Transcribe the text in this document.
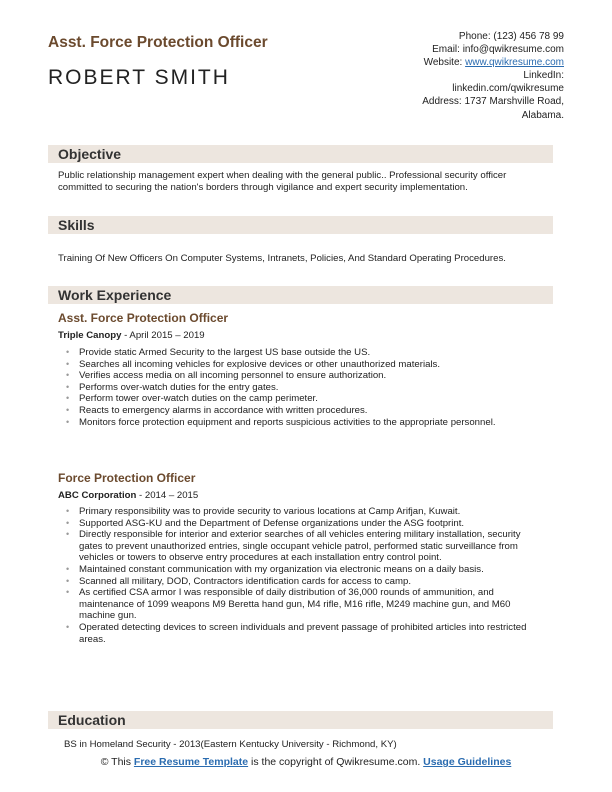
Asst. Force Protection Officer
ROBERT SMITH
Phone: (123) 456 78 99
Email: info@qwikresume.com
Website: www.qwikresume.com
LinkedIn:
linkedin.com/qwikresume
Address: 1737 Marshville Road,
Alabama.
Objective
Public relationship management expert when dealing with the general public.. Professional security officer committed to securing the nation's borders through vigilance and expert security implementation.
Skills
Training Of New Officers On Computer Systems, Intranets, Policies, And Standard Operating Procedures.
Work Experience
Asst. Force Protection Officer
Triple Canopy - April 2015 – 2019
• Provide static Armed Security to the largest US base outside the US.
• Searches all incoming vehicles for explosive devices or other unauthorized materials.
• Verifies access media on all incoming personnel to ensure authorization.
• Performs over-watch duties for the entry gates.
• Perform tower over-watch duties on the camp perimeter.
• Reacts to emergency alarms in accordance with written procedures.
• Monitors force protection equipment and reports suspicious activities to the appropriate personnel.
Force Protection Officer
ABC Corporation - 2014 – 2015
• Primary responsibility was to provide security to various locations at Camp Arifjan, Kuwait.
• Supported ASG-KU and the Department of Defense organizations under the ASG footprint.
• Directly responsible for interior and exterior searches of all vehicles entering military installation, security gates to prevent unauthorized entries, single occupant vehicle patrol, performed static surveillance from vehicles or towers to observe entry procedures at each installation entry control point.
• Maintained constant communication with my organization via electronic means on a daily basis.
• Scanned all military, DOD, Contractors identification cards for access to camp.
• As certified CSA armor I was responsible of daily distribution of 36,000 rounds of ammunition, and maintenance of 1099 weapons M9 Beretta hand gun, M4 rifle, M16 rifle, M249 machine gun, and M60 machine gun.
• Operated detecting devices to screen individuals and prevent passage of prohibited articles into restricted areas.
Education
BS in Homeland Security - 2013(Eastern Kentucky University - Richmond, KY)
© This Free Resume Template is the copyright of Qwikresume.com. Usage Guidelines
